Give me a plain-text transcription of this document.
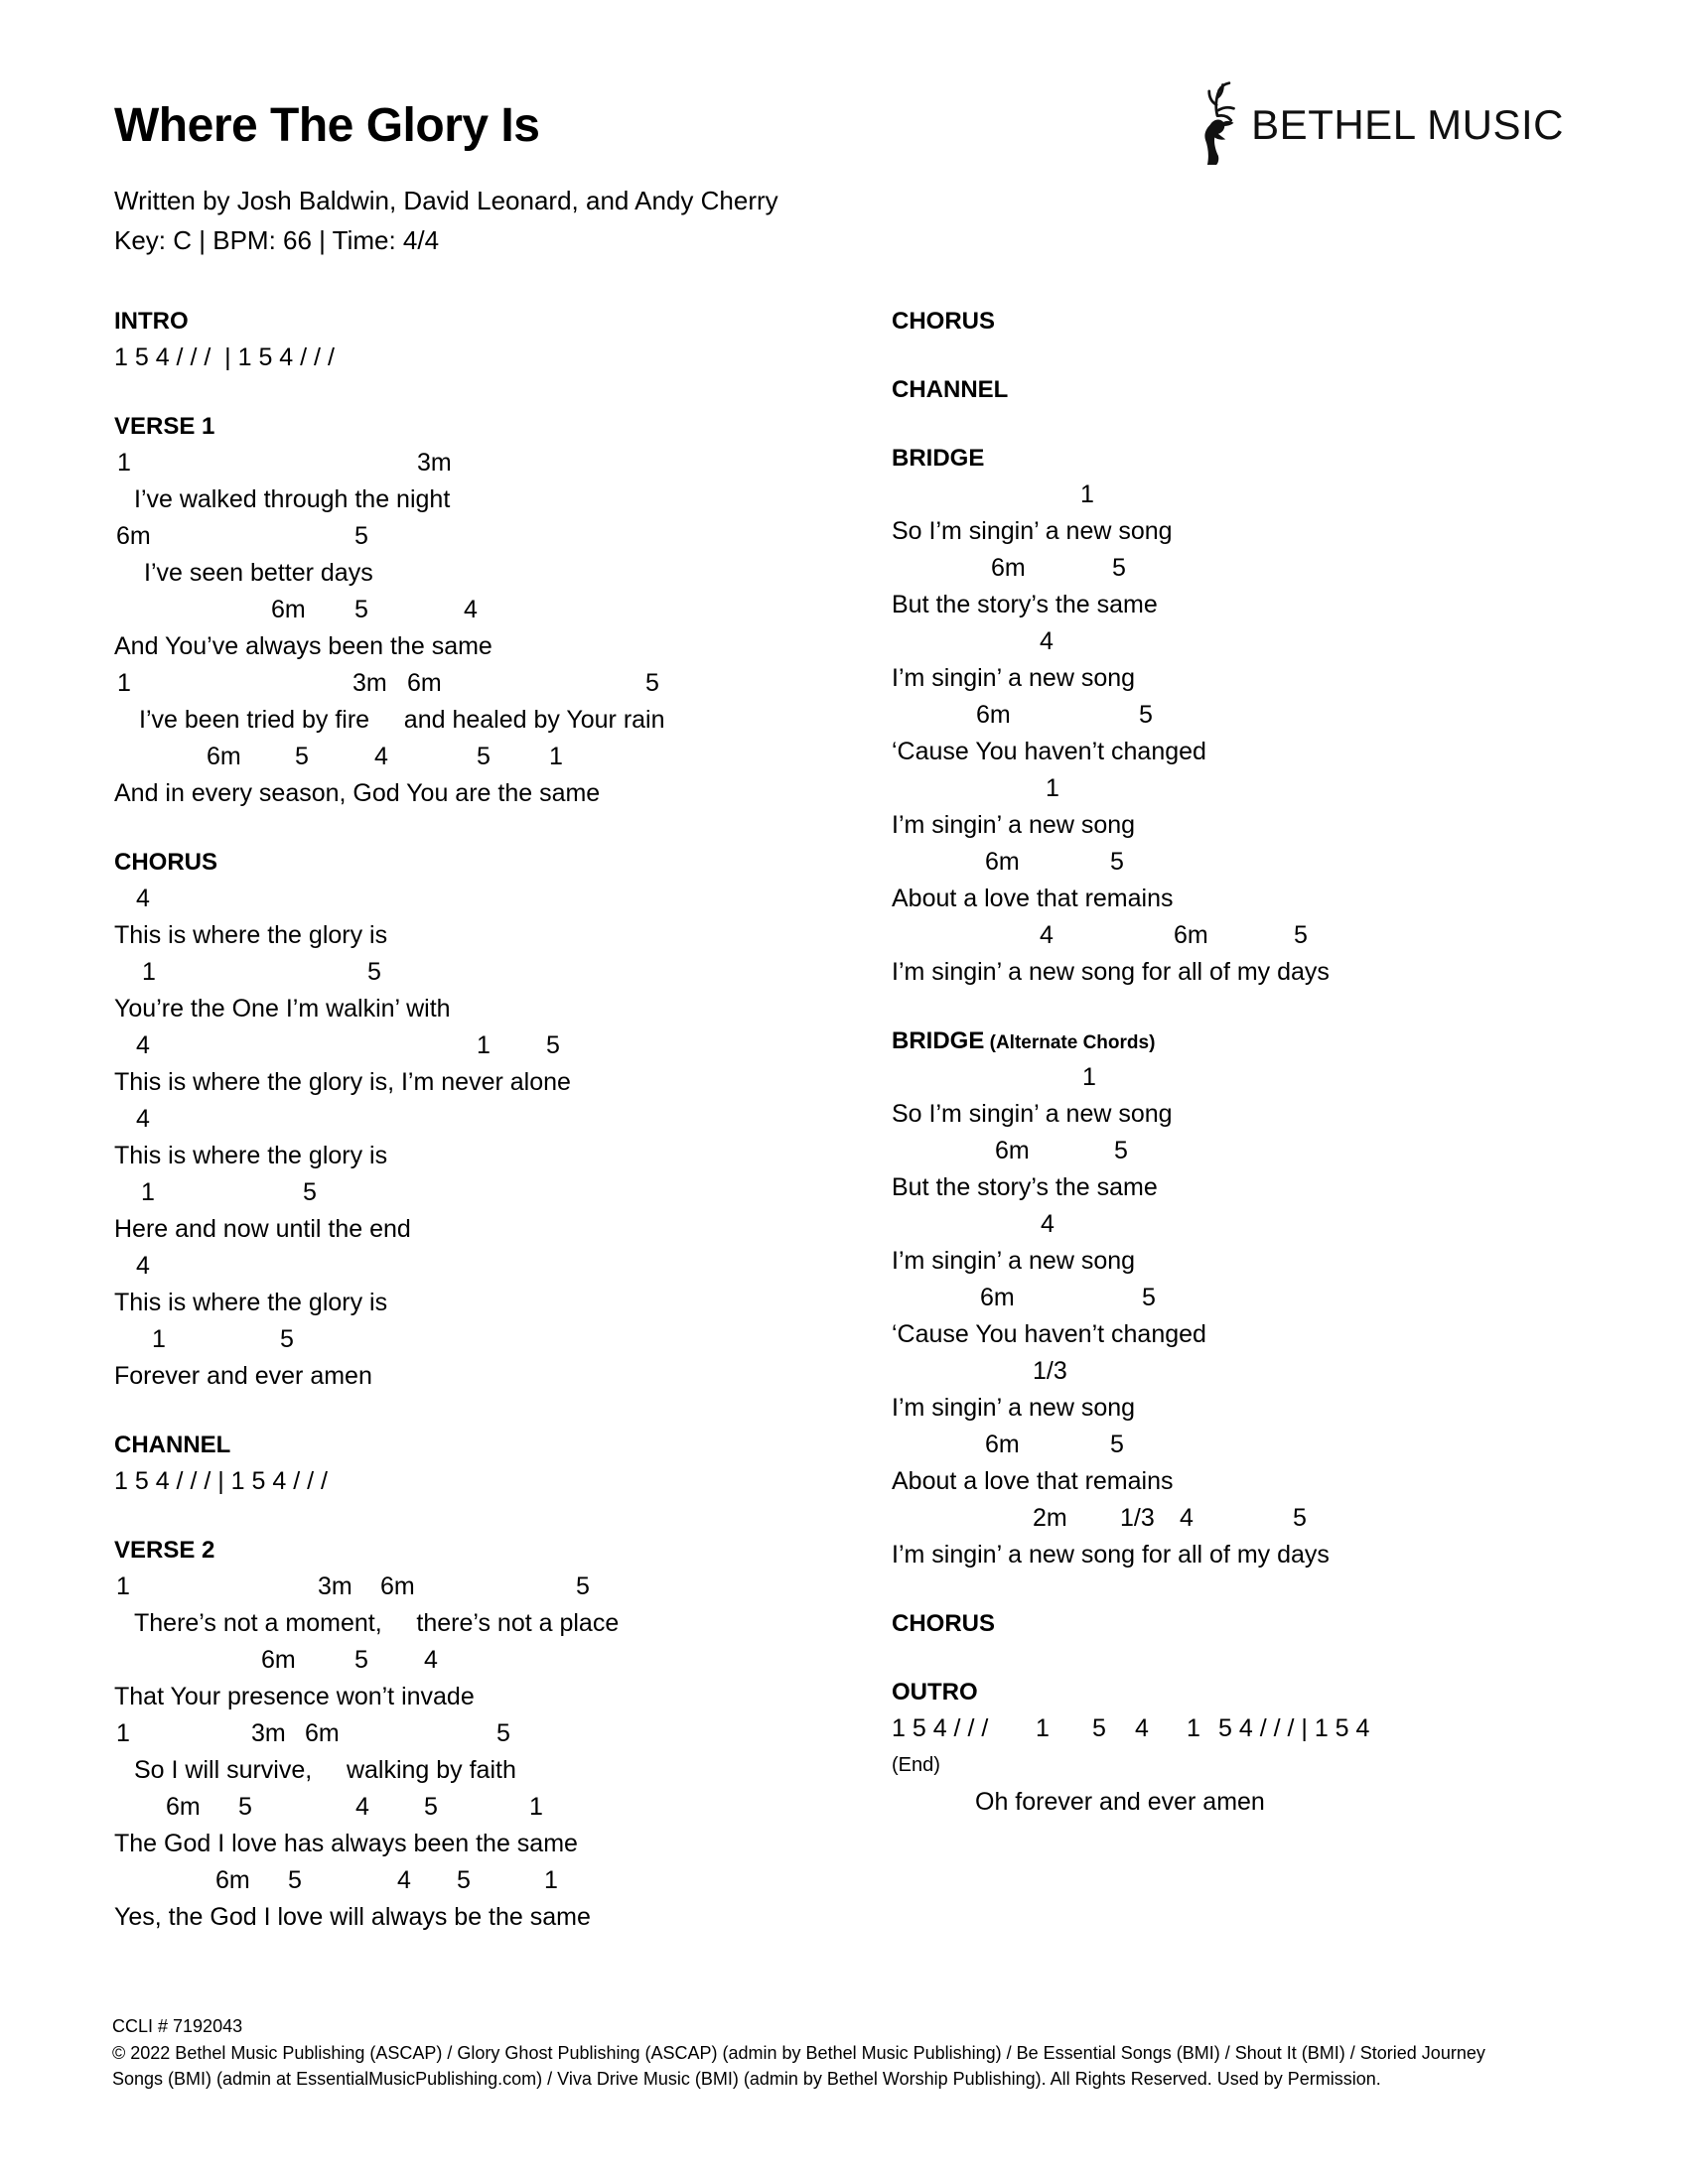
Where The Glory Is
Written by Josh Baldwin, David Leonard, and Andy Cherry
Key: C | BPM: 66 | Time: 4/4
BETHEL MUSIC
INTRO
1 5 4 / / /  | 1 5 4 / / /
VERSE 1
1	3m
I’ve walked through the night
6m	5
I’ve seen better days
6m 5	4
And You’ve always been the same
1	3m 6m	5
I’ve been tried by fire     and healed by Your rain
6m 5	4	5 1
And in every season, God You are the same
CHORUS
4
This is where the glory is
1	5
You’re the One I’m walkin’ with
4	1 5
This is where the glory is, I’m never alone
4
This is where the glory is
1	5
Here and now until the end
4
This is where the glory is
1	5
Forever and ever amen
CHANNEL
1 5 4 / / / | 1 5 4 / / /
VERSE 2
1	3m 6m	5
There’s not a moment,     there’s not a place
6m 5 4
That Your presence won’t invade
1	3m 6m	5
So I will survive,     walking by faith
6m 5	4 5	1
The God I love has always been the same
6m 5	4 5	1
Yes, the God I love will always be the same
CHORUS
CHANNEL
BRIDGE
1
So I’m singin’ a new song
6m	5
But the story’s the same
4
I’m singin’ a new song
6m	5
‘Cause You haven’t changed
1
I’m singin’ a new song
6m	5
About a love that remains
4	6m	5
I’m singin’ a new song for all of my days
BRIDGE (Alternate Chords)
1
So I’m singin’ a new song
6m	5
But the story’s the same
4
I’m singin’ a new song
6m	5
‘Cause You haven’t changed
1/3
I’m singin’ a new song
6m	5
About a love that remains
2m 1/3 4	5
I’m singin’ a new song for all of my days
CHORUS
OUTRO
1 5 4 / / / 1 5 4 1 5 4 / / / | 1 5 4
(End)
Oh forever and ever amen
CCLI # 7192043
© 2022 Bethel Music Publishing (ASCAP) / Glory Ghost Publishing (ASCAP) (admin by Bethel Music Publishing) / Be Essential Songs (BMI) / Shout It (BMI) / Storied Journey
Songs (BMI) (admin at EssentialMusicPublishing.com) / Viva Drive Music (BMI) (admin by Bethel Worship Publishing). All Rights Reserved. Used by Permission.
